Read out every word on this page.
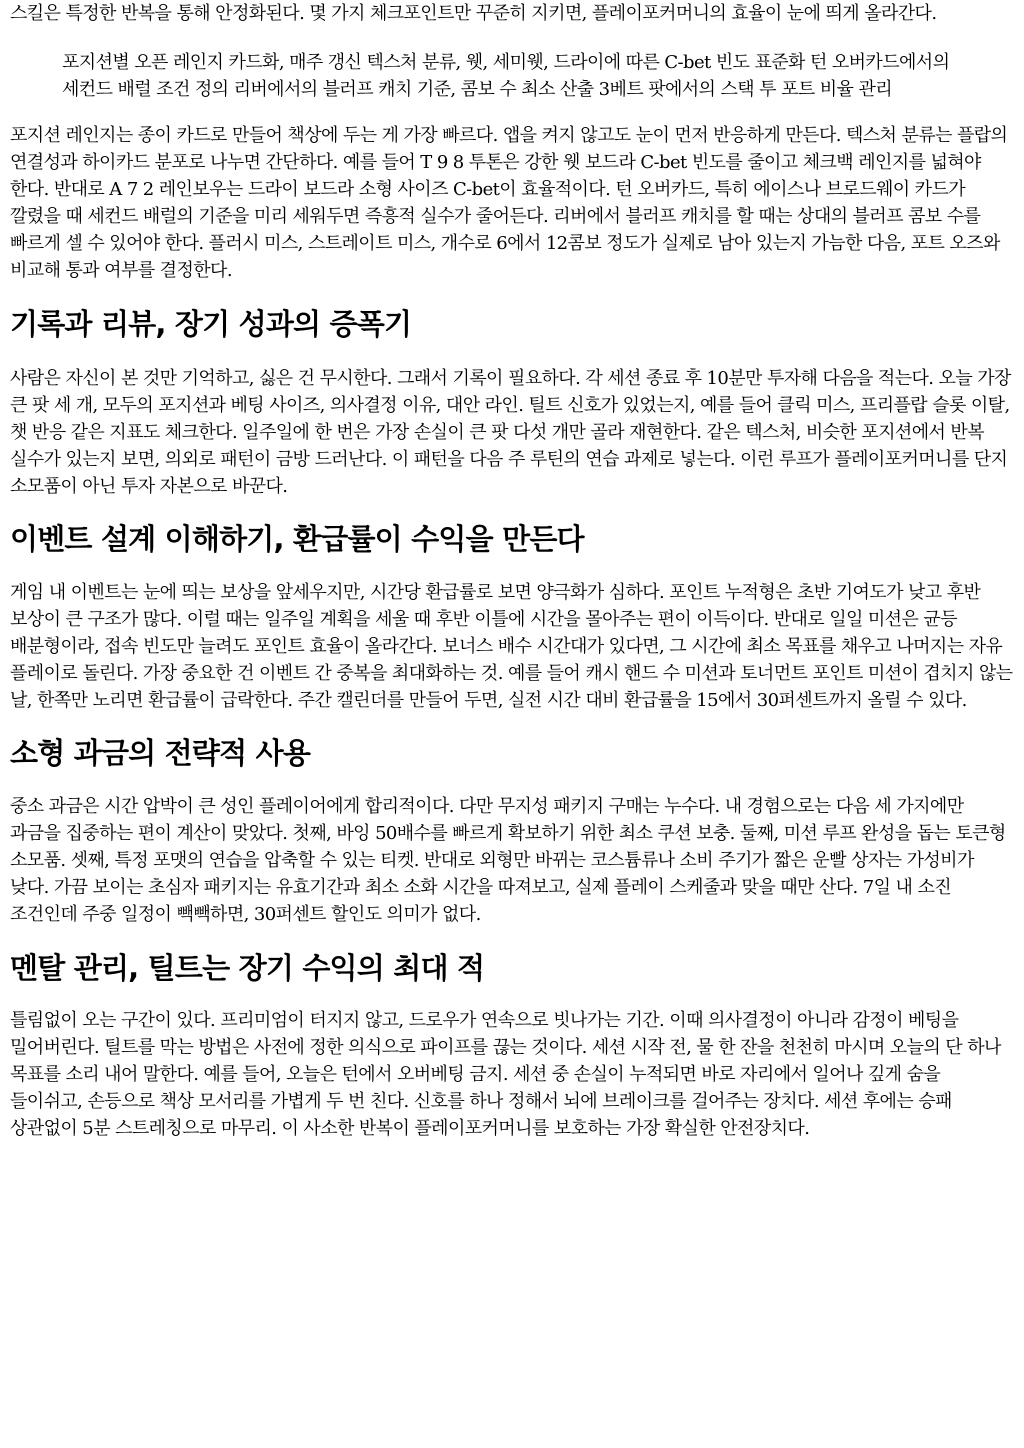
스킬은 특정한 반복을 통해 안정화된다. 몇 가지 체크포인트만 꾸준히 지키면, 플레이포커머니의 효율이 눈에 띄게 올라간다.

포지션별 오픈 레인지 카드화, 매주 갱신 텍스처 분류, 웻, 세미웻, 드라이에 따른 C-bet 빈도 표준화 턴 오버카드에서의 세컨드 배럴 조건 정의 리버에서의 블러프 캐치 기준, 콤보 수 최소 산출 3베트 팟에서의 스택 투 포트 비율 관리

포지션 레인지는 종이 카드로 만들어 책상에 두는 게 가장 빠르다. 앱을 켜지 않고도 눈이 먼저 반응하게 만든다. 텍스처 분류는 플랍의 연결성과 하이카드 분포로 나누면 간단하다. 예를 들어 T 9 8 투톤은 강한 웻 보드라 C-bet 빈도를 줄이고 체크백 레인지를 넓혀야 한다. 반대로 A 7 2 레인보우는 드라이 보드라 소형 사이즈 C-bet이 효율적이다. 턴 오버카드, 특히 에이스나 브로드웨이 카드가 깔렸을 때 세컨드 배럴의 기준을 미리 세워두면 즉흥적 실수가 줄어든다. 리버에서 블러프 캐치를 할 때는 상대의 블러프 콤보 수를 빠르게 셀 수 있어야 한다. 플러시 미스, 스트레이트 미스, 개수로 6에서 12콤보 정도가 실제로 남아 있는지 가늠한 다음, 포트 오즈와 비교해 통과 여부를 결정한다.

기록과 리뷰, 장기 성과의 증폭기

사람은 자신이 본 것만 기억하고, 싫은 건 무시한다. 그래서 기록이 필요하다. 각 세션 종료 후 10분만 투자해 다음을 적는다. 오늘 가장 큰 팟 세 개, 모두의 포지션과 베팅 사이즈, 의사결정 이유, 대안 라인. 틸트 신호가 있었는지, 예를 들어 클릭 미스, 프리플랍 슬롯 이탈, 챗 반응 같은 지표도 체크한다. 일주일에 한 번은 가장 손실이 큰 팟 다섯 개만 골라 재현한다. 같은 텍스처, 비슷한 포지션에서 반복 실수가 있는지 보면, 의외로 패턴이 금방 드러난다. 이 패턴을 다음 주 루틴의 연습 과제로 넣는다. 이런 루프가 플레이포커머니를 단지 소모품이 아닌 투자 자본으로 바꾼다.

이벤트 설계 이해하기, 환급률이 수익을 만든다

게임 내 이벤트는 눈에 띄는 보상을 앞세우지만, 시간당 환급률로 보면 양극화가 심하다. 포인트 누적형은 초반 기여도가 낮고 후반 보상이 큰 구조가 많다. 이럴 때는 일주일 계획을 세울 때 후반 이틀에 시간을 몰아주는 편이 이득이다. 반대로 일일 미션은 균등 배분형이라, 접속 빈도만 늘려도 포인트 효율이 올라간다. 보너스 배수 시간대가 있다면, 그 시간에 최소 목표를 채우고 나머지는 자유 플레이로 돌린다. 가장 중요한 건 이벤트 간 중복을 최대화하는 것. 예를 들어 캐시 핸드 수 미션과 토너먼트 포인트 미션이 겹치지 않는 날, 한쪽만 노리면 환급률이 급락한다. 주간 캘린더를 만들어 두면, 실전 시간 대비 환급률을 15에서 30퍼센트까지 올릴 수 있다.

소형 과금의 전략적 사용

중소 과금은 시간 압박이 큰 성인 플레이어에게 합리적이다. 다만 무지성 패키지 구매는 누수다. 내 경험으로는 다음 세 가지에만 과금을 집중하는 편이 계산이 맞았다. 첫째, 바잉 50배수를 빠르게 확보하기 위한 최소 쿠션 보충. 둘째, 미션 루프 완성을 돕는 토큰형 소모품. 셋째, 특정 포맷의 연습을 압축할 수 있는 티켓. 반대로 외형만 바뀌는 코스튬류나 소비 주기가 짧은 운빨 상자는 가성비가 낮다. 가끔 보이는 초심자 패키지는 유효기간과 최소 소화 시간을 따져보고, 실제 플레이 스케줄과 맞을 때만 산다. 7일 내 소진 조건인데 주중 일정이 빽빽하면, 30퍼센트 할인도 의미가 없다.

멘탈 관리, 틸트는 장기 수익의 최대 적

틀림없이 오는 구간이 있다. 프리미엄이 터지지 않고, 드로우가 연속으로 빗나가는 기간. 이때 의사결정이 아니라 감정이 베팅을 밀어버린다. 틸트를 막는 방법은 사전에 정한 의식으로 파이프를 끊는 것이다. 세션 시작 전, 물 한 잔을 천천히 마시며 오늘의 단 하나 목표를 소리 내어 말한다. 예를 들어, 오늘은 턴에서 오버베팅 금지. 세션 중 손실이 누적되면 바로 자리에서 일어나 깊게 숨을 들이쉬고, 손등으로 책상 모서리를 가볍게 두 번 친다. 신호를 하나 정해서 뇌에 브레이크를 걸어주는 장치다. 세션 후에는 승패 상관없이 5분 스트레칭으로 마무리. 이 사소한 반복이 플레이포커머니를 보호하는 가장 확실한 안전장치다.
